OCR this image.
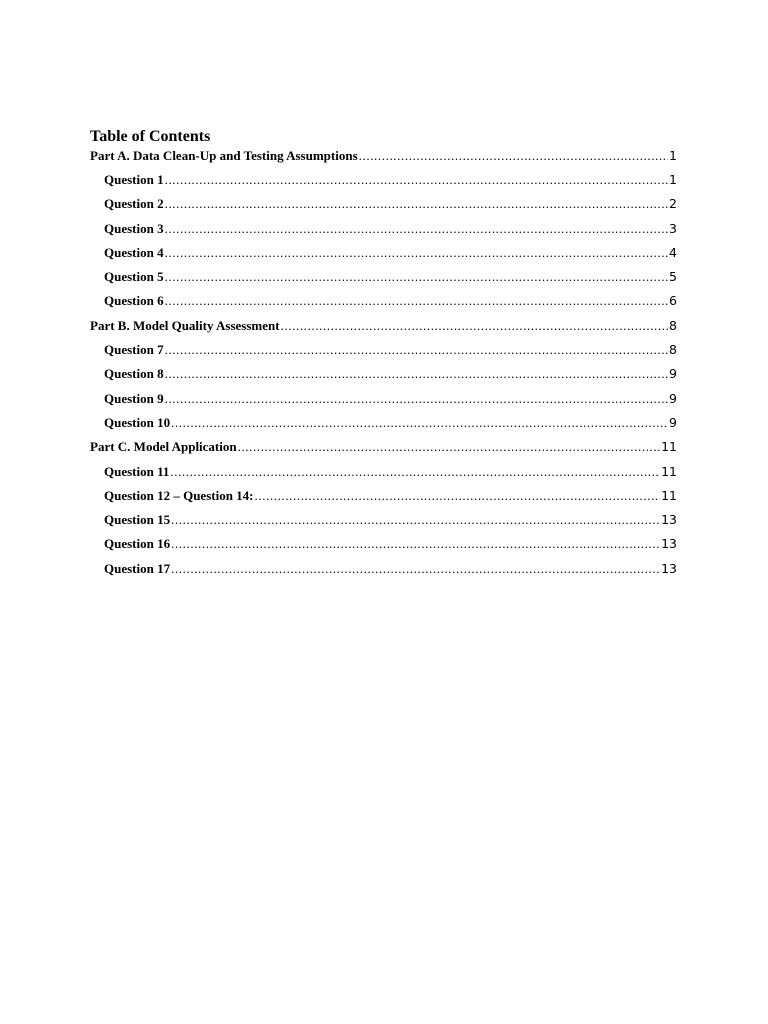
Table of Contents
Part A. Data Clean-Up and Testing Assumptions .....	1
Question 1 .....	1
Question 2 .....	2
Question 3 .....	3
Question 4 .....	4
Question 5 .....	5
Question 6 .....	6
Part B. Model Quality Assessment .....	8
Question 7 .....	8
Question 8 .....	9
Question 9 .....	9
Question 10 .....	9
Part C. Model Application .....	11
Question 11 .....	11
Question 12 – Question 14: .....	11
Question 15 .....	13
Question 16 .....	13
Question 17 .....	13
